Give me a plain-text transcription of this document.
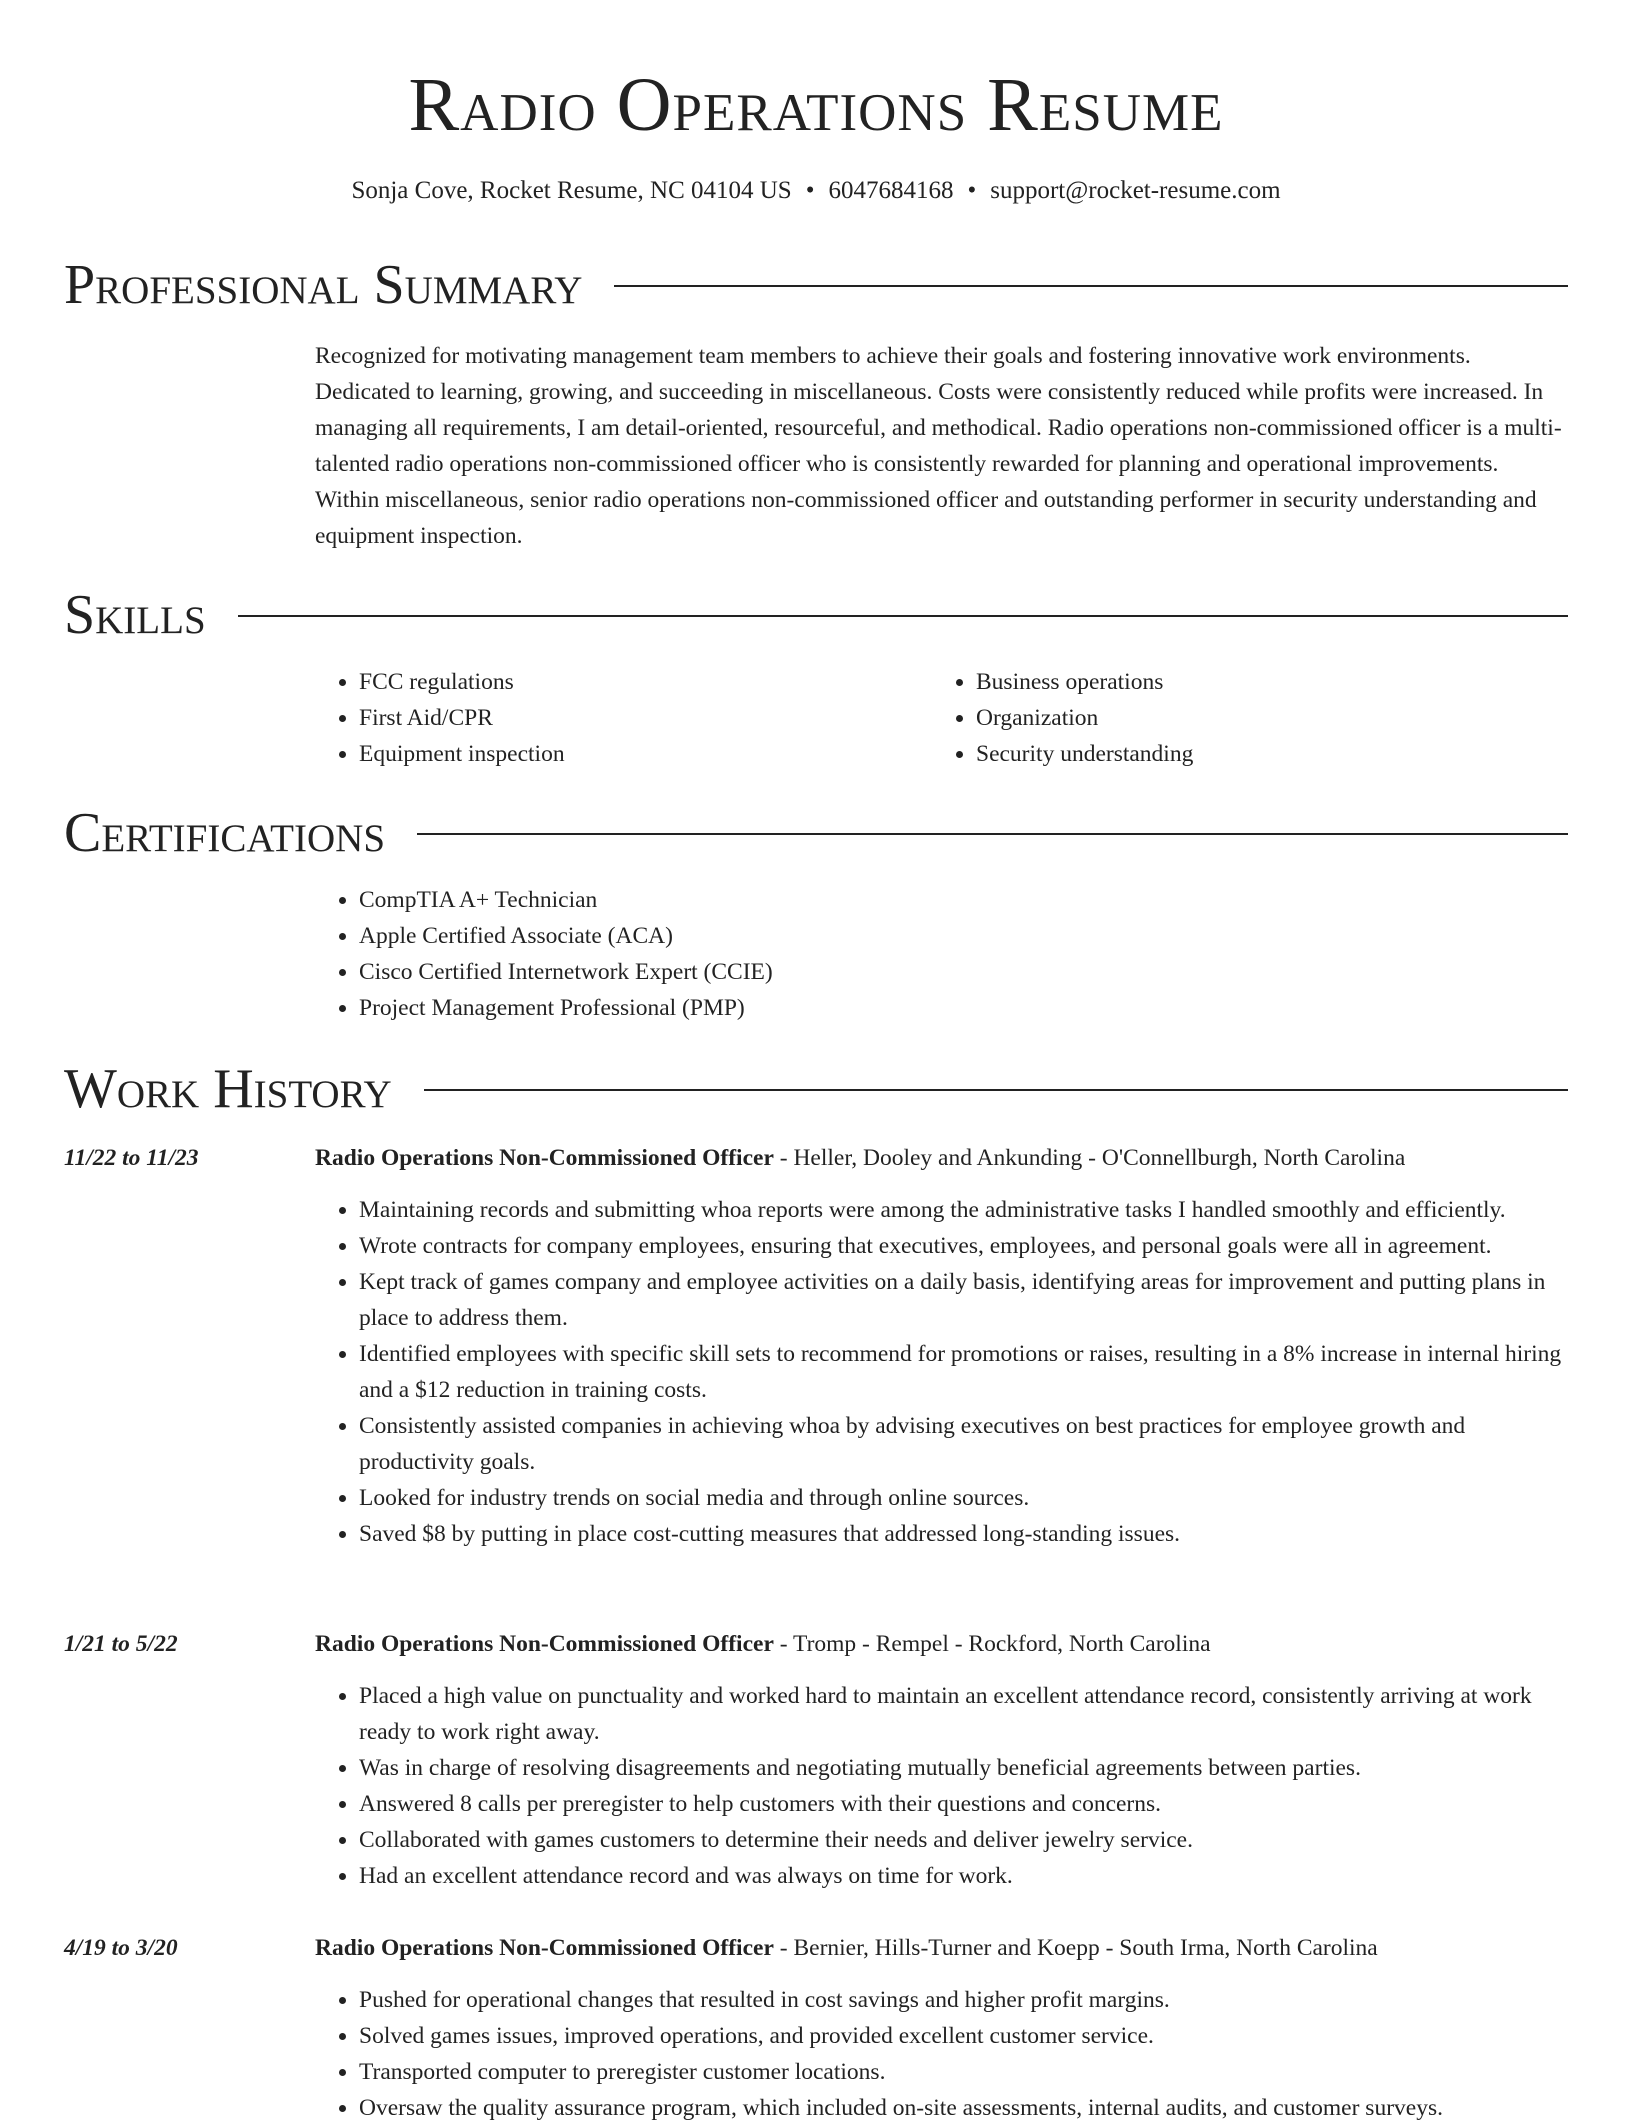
Radio Operations Resume
Sonja Cove, Rocket Resume, NC 04104 US • 6047684168 • support@rocket-resume.com
Professional Summary

Recognized for motivating management team members to achieve their goals and fostering innovative work environments. Dedicated to learning, growing, and succeeding in miscellaneous. Costs were consistently reduced while profits were increased. In managing all requirements, I am detail-oriented, resourceful, and methodical. Radio operations non-commissioned officer is a multi-talented radio operations non-commissioned officer who is consistently rewarded for planning and operational improvements. Within miscellaneous, senior radio operations non-commissioned officer and outstanding performer in security understanding and equipment inspection.

Skills
• FCC regulations
• First Aid/CPR
• Equipment inspection
• Business operations
• Organization
• Security understanding
Certifications
• CompTIA A+ Technician
• Apple Certified Associate (ACA)
• Cisco Certified Internetwork Expert (CCIE)
• Project Management Professional (PMP)
Work History
11/22 to 11/23	Radio Operations Non-Commissioned Officer - Heller, Dooley and Ankunding - O'Connellburgh, North Carolina
• Maintaining records and submitting whoa reports were among the administrative tasks I handled smoothly and efficiently.
• Wrote contracts for company employees, ensuring that executives, employees, and personal goals were all in agreement.
• Kept track of games company and employee activities on a daily basis, identifying areas for improvement and putting plans in place to address them.
• Identified employees with specific skill sets to recommend for promotions or raises, resulting in a 8% increase in internal hiring and a $12 reduction in training costs.
• Consistently assisted companies in achieving whoa by advising executives on best practices for employee growth and productivity goals.
• Looked for industry trends on social media and through online sources.
• Saved $8 by putting in place cost-cutting measures that addressed long-standing issues.
1/21 to 5/22	Radio Operations Non-Commissioned Officer - Tromp - Rempel - Rockford, North Carolina
• Placed a high value on punctuality and worked hard to maintain an excellent attendance record, consistently arriving at work ready to work right away.
• Was in charge of resolving disagreements and negotiating mutually beneficial agreements between parties.
• Answered 8 calls per preregister to help customers with their questions and concerns.
• Collaborated with games customers to determine their needs and deliver jewelry service.
• Had an excellent attendance record and was always on time for work.
4/19 to 3/20	Radio Operations Non-Commissioned Officer - Bernier, Hills-Turner and Koepp - South Irma, North Carolina
• Pushed for operational changes that resulted in cost savings and higher profit margins.
• Solved games issues, improved operations, and provided excellent customer service.
• Transported computer to preregister customer locations.
• Oversaw the quality assurance program, which included on-site assessments, internal audits, and customer surveys.
